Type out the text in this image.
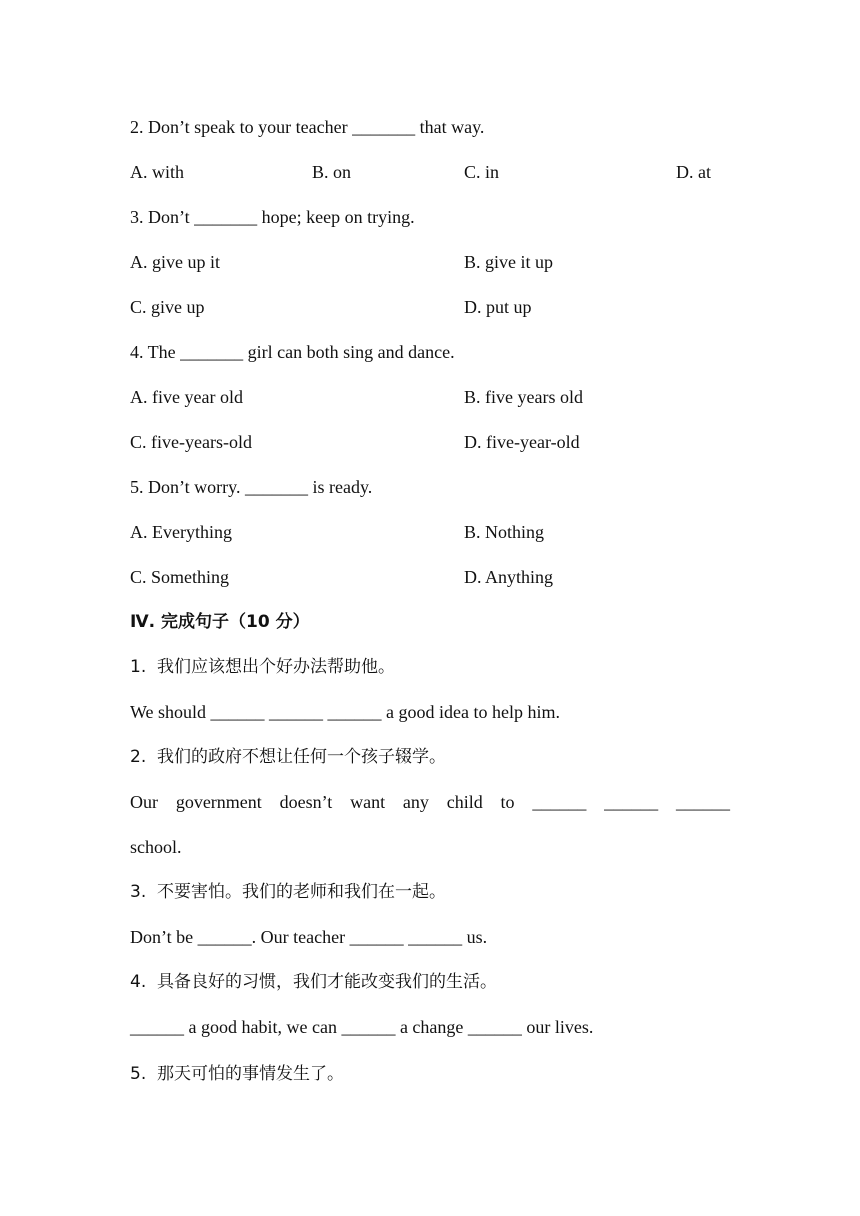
2. Don’t speak to your teacher _______ that way.
A. with	B. on	C. in	D. at
3. Don’t _______ hope; keep on trying.
A. give up it	B. give it up
C. give up	D. put up
4. The _______ girl can both sing and dance.
A. five year old	B. five years old
C. five-years-old	D. five-year-old
5. Don’t worry. _______ is ready.
A. Everything	B. Nothing
C. Something	D. Anything
Ⅳ. 完成句子（10 分）
1.  我们应该想出个好办法帮助他。
We should ______ ______ ______ a good idea to help him.
2.  我们的政府不想让任何一个孩子辍学。
Our government doesn’t want any child to ______ ______ ______
school.
3.  不要害怕。我们的老师和我们在一起。
Don’t be ______. Our teacher ______ ______ us.
4.  具备良好的习惯，我们才能改变我们的生活。
______ a good habit, we can ______ a change ______ our lives.
5.  那天可怕的事情发生了。
